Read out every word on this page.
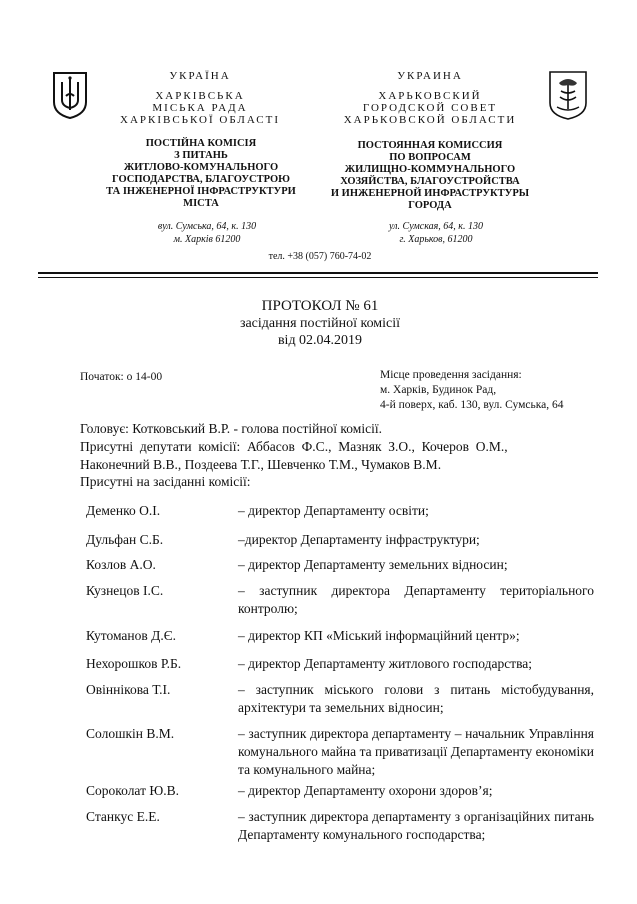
УКРАЇНА
ХАРКІВСЬКА
МІСЬКА РАДА
ХАРКІВСЬКОЇ ОБЛАСТІ
ПОСТІЙНА КОМІСІЯ
З ПИТАНЬ
ЖИТЛОВО-КОМУНАЛЬНОГО
ГОСПОДАРСТВА, БЛАГОУСТРОЮ
ТА ІНЖЕНЕРНОЇ ІНФРАСТРУКТУРИ
МІСТА
вул. Сумська, 64, к. 130
м. Харків 61200
УКРАИНА
ХАРЬКОВСКИЙ
ГОРОДСКОЙ СОВЕТ
ХАРЬКОВСКОЙ ОБЛАСТИ
ПОСТОЯННАЯ КОМИССИЯ
ПО ВОПРОСАМ
ЖИЛИЩНО-КОММУНАЛЬНОГО
ХОЗЯЙСТВА, БЛАГОУСТРОЙСТВА
И ИНЖЕНЕРНОЙ ИНФРАСТРУКТУРЫ
ГОРОДА
ул. Сумская, 64, к. 130
г. Харьков, 61200
тел. +38 (057) 760-74-02
ПРОТОКОЛ № 61
засідання постійної комісії
від 02.04.2019
Початок: о 14-00	Місце проведення засідання:
м. Харків, Будинок Рад,
4-й поверх, каб. 130, вул. Сумська, 64
Головує: Котковський В.Р. - голова постійної комісії.
Присутні  депутати  комісії:  Аббасов  Ф.С.,  Мазняк  З.О.,  Кочеров  О.М.,
Наконечний В.В., Поздеева Т.Г., Шевченко Т.М., Чумаков В.М.
Присутні на засіданні комісії:
Деменко О.І.	– директор Департаменту освіти;
Дульфан С.Б.	–директор Департаменту інфраструктури;
Козлов А.О.	– директор Департаменту земельних відносин;
Кузнецов І.С.	– заступник директора Департаменту територіального контролю;
Кутоманов Д.Є.	– директор КП «Міський інформаційний центр»;
Нехорошков Р.Б.	– директор Департаменту житлового господарства;
Овіннікова Т.І.	– заступник міського голови з питань містобудування, архітектури та земельних відносин;
Солошкін В.М.	– заступник директора департаменту – начальник Управління комунального майна та приватизації Департаменту економіки та комунального майна;
Сороколат Ю.В.	– директор Департаменту охорони здоров’я;
Станкус Е.Е.	– заступник директора департаменту з організаційних питань Департаменту комунального господарства;
